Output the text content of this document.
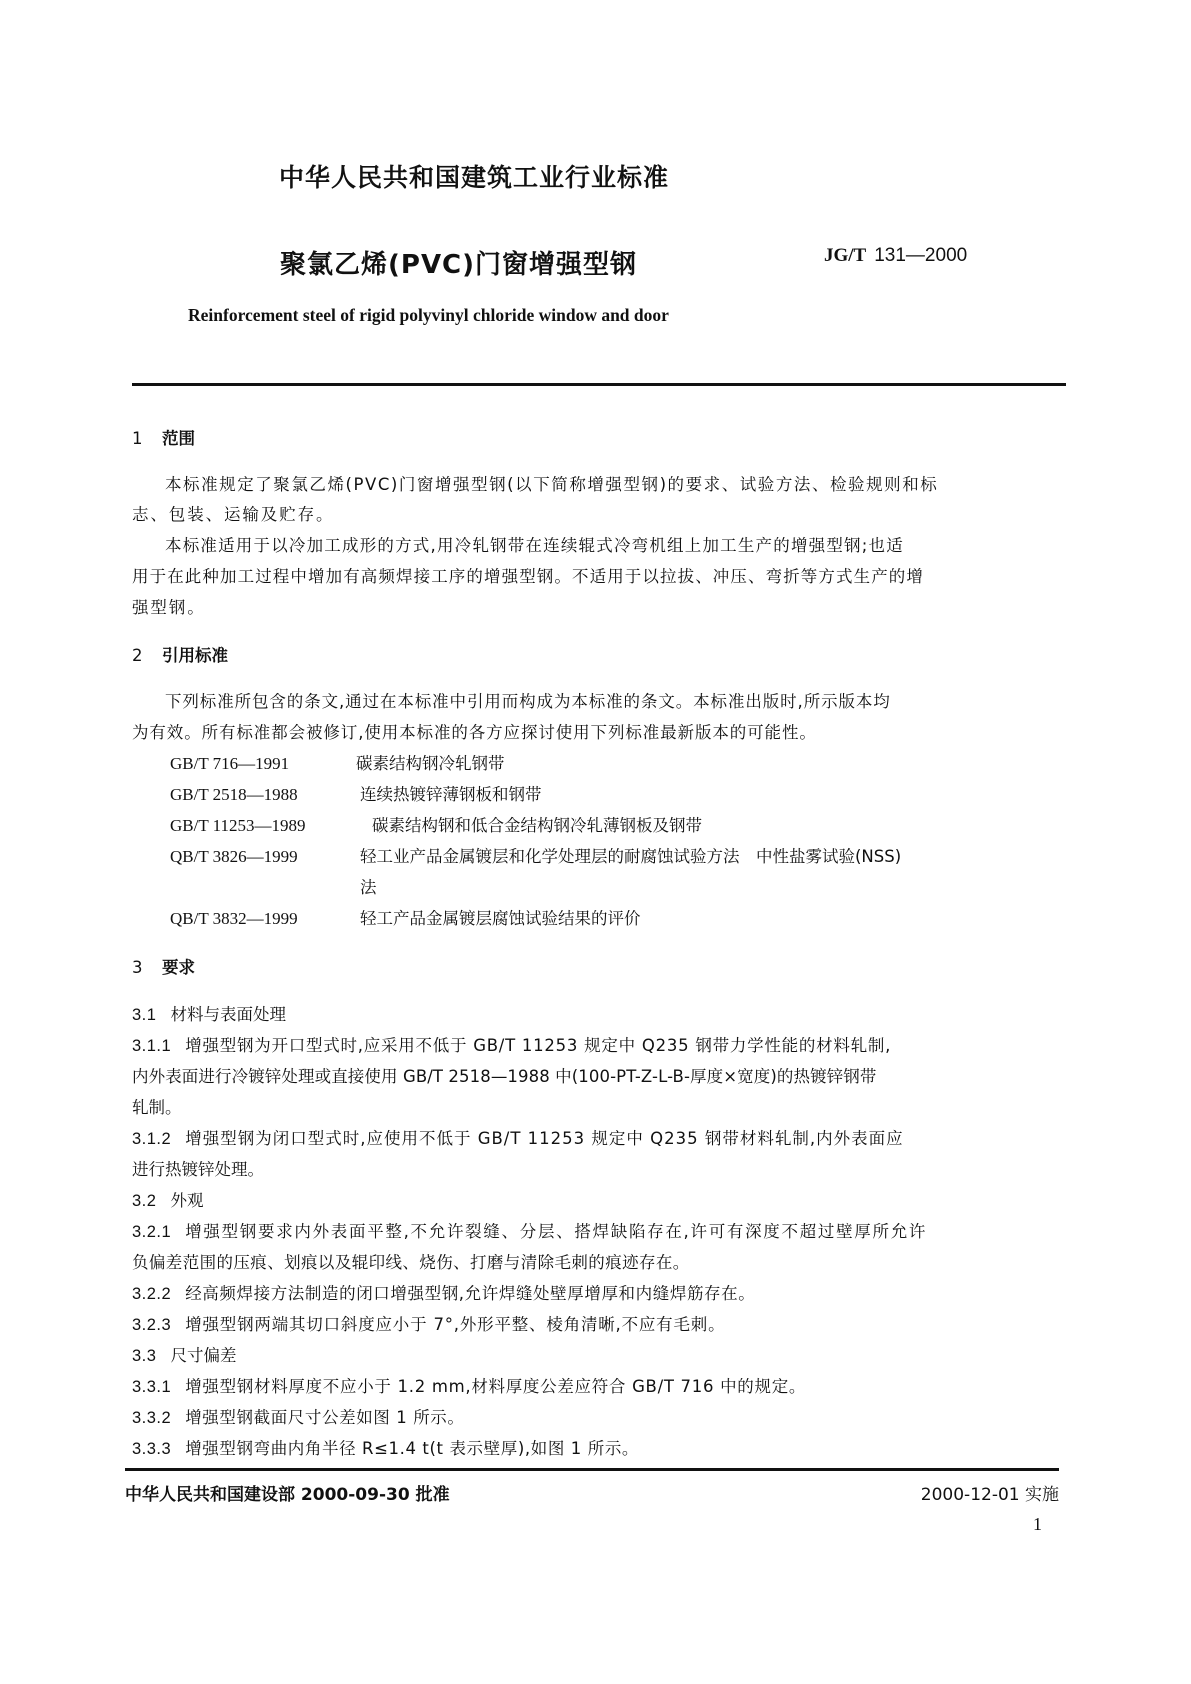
中华人民共和国建筑工业行业标准
聚氯乙烯(PVC)门窗增强型钢	JG/T 131—2000
Reinforcement steel of rigid polyvinyl chloride window and door
1 范围
本标准规定了聚氯乙烯(PVC)门窗增强型钢(以下简称增强型钢)的要求、试验方法、检验规则和标
志、包装、运输及贮存。
本标准适用于以冷加工成形的方式,用冷轧钢带在连续辊式冷弯机组上加工生产的增强型钢;也适
用于在此种加工过程中增加有高频焊接工序的增强型钢。不适用于以拉拔、冲压、弯折等方式生产的增
强型钢。
2 引用标准
下列标准所包含的条文,通过在本标准中引用而构成为本标准的条文。本标准出版时,所示版本均
为有效。所有标准都会被修订,使用本标准的各方应探讨使用下列标准最新版本的可能性。
GB/T 716—1991	碳素结构钢冷轧钢带
GB/T 2518—1988	连续热镀锌薄钢板和钢带
GB/T 11253—1989	碳素结构钢和低合金结构钢冷轧薄钢板及钢带
QB/T 3826—1999	轻工业产品金属镀层和化学处理层的耐腐蚀试验方法　中性盐雾试验(NSS)
法
QB/T 3832—1999	轻工产品金属镀层腐蚀试验结果的评价
3 要求
3.1 材料与表面处理
3.1.1 增强型钢为开口型式时,应采用不低于 GB/T 11253 规定中 Q235 钢带力学性能的材料轧制,
内外表面进行冷镀锌处理或直接使用 GB/T 2518—1988 中(100-PT-Z-L-B-厚度×宽度)的热镀锌钢带
轧制。
3.1.2 增强型钢为闭口型式时,应使用不低于 GB/T 11253 规定中 Q235 钢带材料轧制,内外表面应
进行热镀锌处理。
3.2 外观
3.2.1 增强型钢要求内外表面平整,不允许裂缝、分层、搭焊缺陷存在,许可有深度不超过壁厚所允许
负偏差范围的压痕、划痕以及辊印线、烧伤、打磨与清除毛刺的痕迹存在。
3.2.2 经高频焊接方法制造的闭口增强型钢,允许焊缝处壁厚增厚和内缝焊筋存在。
3.2.3 增强型钢两端其切口斜度应小于 7°,外形平整、棱角清晰,不应有毛刺。
3.3 尺寸偏差
3.3.1 增强型钢材料厚度不应小于 1.2 mm,材料厚度公差应符合 GB/T 716 中的规定。
3.3.2 增强型钢截面尺寸公差如图 1 所示。
3.3.3 增强型钢弯曲内角半径 R≤1.4 t(t 表示壁厚),如图 1 所示。
中华人民共和国建设部 2000-09-30 批准	2000-12-01 实施
1
